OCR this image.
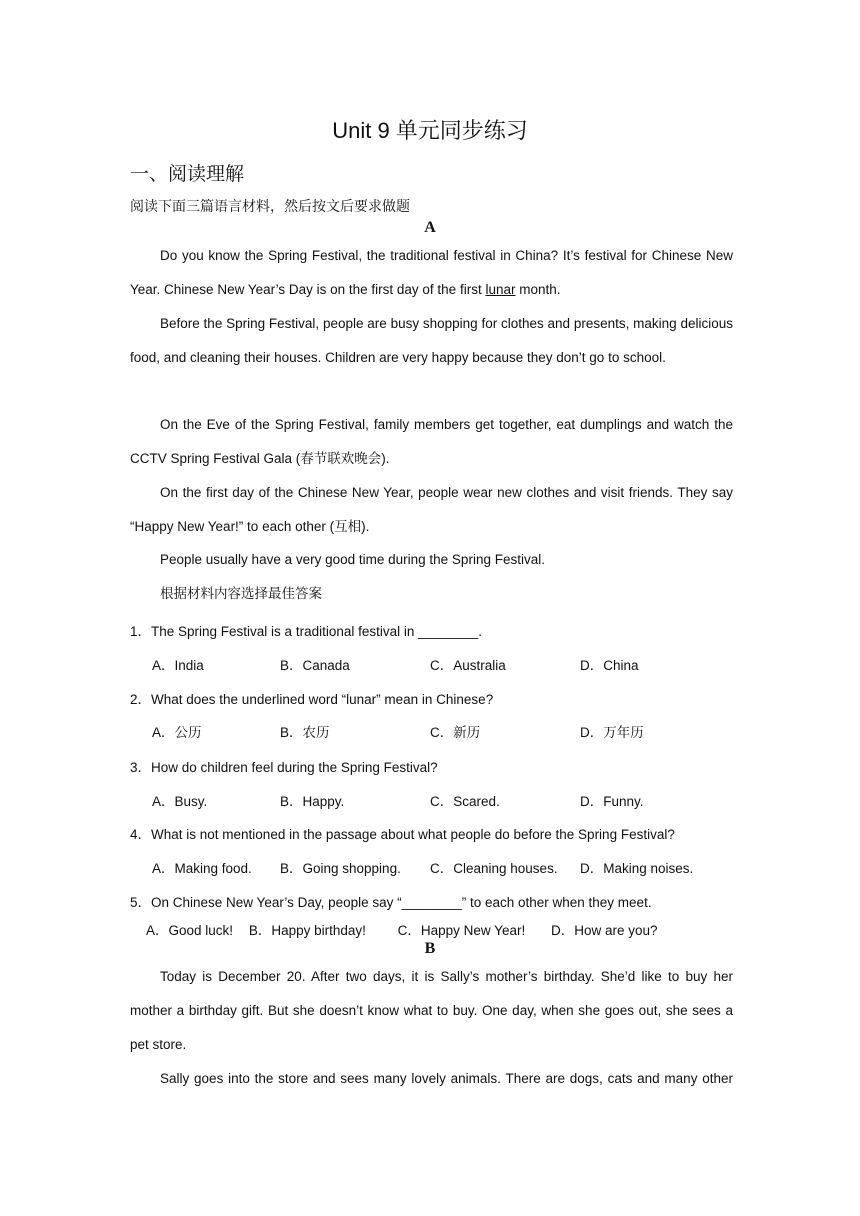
Unit 9 单元同步练习
一、阅读理解
阅读下面三篇语言材料，然后按文后要求做题
A
Do you know the Spring Festival, the traditional festival in China? It’s festival for Chinese New Year. Chinese New Year’s Day is on the first day of the first lunar month.
Before the Spring Festival, people are busy shopping for clothes and presents, making delicious food, and cleaning their houses. Children are very happy because they don’t go to school.
On the Eve of the Spring Festival, family members get together, eat dumplings and watch the CCTV Spring Festival Gala (春节联欢晚会).
On the first day of the Chinese New Year, people wear new clothes and visit friends. They say “Happy New Year!” to each other (互相).
People usually have a very good time during the Spring Festival.
根据材料内容选择最佳答案
1．The Spring Festival is a traditional festival in ________.
A．India	B．Canada	C．Australia	D．China
2．What does the underlined word “lunar” mean in Chinese?
A．公历	B．农历	C．新历	D．万年历
3．How do children feel during the Spring Festival?
A．Busy.	B．Happy.	C．Scared.	D．Funny.
4．What is not mentioned in the passage about what people do before the Spring Festival?
A．Making food. B．Going shopping. C．Cleaning houses. D．Making noises.
5．On Chinese New Year’s Day, people say “________” to each other when they meet.
A．Good luck! B．Happy birthday! C．Happy New Year! D．How are you?
B
Today is December 20. After two days, it is Sally’s mother’s birthday. She’d like to buy her mother a birthday gift. But she doesn’t know what to buy. One day, when she goes out, she sees a pet store.
Sally goes into the store and sees many lovely animals. There are dogs, cats and many other
